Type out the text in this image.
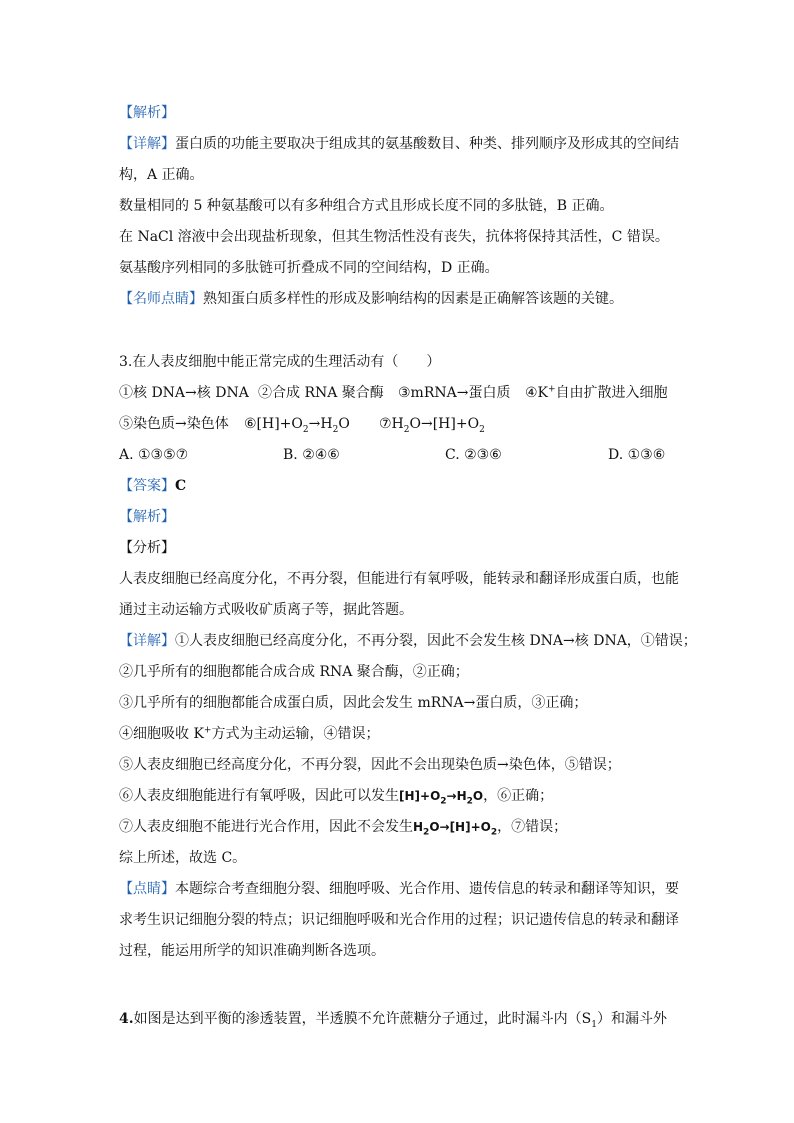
【解析】
【详解】蛋白质的功能主要取决于组成其的氨基酸数目、种类、排列顺序及形成其的空间结
构，A 正确。
数量相同的 5 种氨基酸可以有多种组合方式且形成长度不同的多肽链，B 正确。
在 NaCl 溶液中会出现盐析现象，但其生物活性没有丧失，抗体将保持其活性，C 错误。
氨基酸序列相同的多肽链可折叠成不同的空间结构，D 正确。
【名师点睛】熟知蛋白质多样性的形成及影响结构的因素是正确解答该题的关键。
3.在人表皮细胞中能正常完成的生理活动有（　　）
①核 DNA→核 DNA ②合成 RNA 聚合酶 ③mRNA→蛋白质 ④K+自由扩散进入细胞
⑤染色质→染色体 $⑥[H]+O_2\to H_2O$ $⑦H_2O\to[H]+O_2$
A. ①③⑤⑦	B. ②④⑥	C. ②③⑥	D. ①③⑥
【答案】C
【解析】
【分析】
人表皮细胞已经高度分化，不再分裂，但能进行有氧呼吸，能转录和翻译形成蛋白质，也能
通过主动运输方式吸收矿质离子等，据此答题。
【详解】①人表皮细胞已经高度分化，不再分裂，因此不会发生核 DNA→核 DNA，①错误；
②几乎所有的细胞都能合成合成 RNA 聚合酶，②正确；
③几乎所有的细胞都能合成蛋白质，因此会发生 mRNA→蛋白质，③正确；
④细胞吸收 K+方式为主动运输，④错误；
⑤人表皮细胞已经高度分化，不再分裂，因此不会出现染色质→染色体，⑤错误；
⑥人表皮细胞能进行有氧呼吸，因此可以发生$[H]+O_2\to H_2O$，⑥正确；
⑦人表皮细胞不能进行光合作用，因此不会发生$H_2O\to[H]+O_2$，⑦错误；
综上所述，故选 C。
【点睛】本题综合考查细胞分裂、细胞呼吸、光合作用、遗传信息的转录和翻译等知识，要
求考生识记细胞分裂的特点；识记细胞呼吸和光合作用的过程；识记遗传信息的转录和翻译
过程，能运用所学的知识准确判断各选项。
4.如图是达到平衡的渗透装置，半透膜不允许蔗糖分子通过，此时漏斗内$(S_1)$和漏斗外
